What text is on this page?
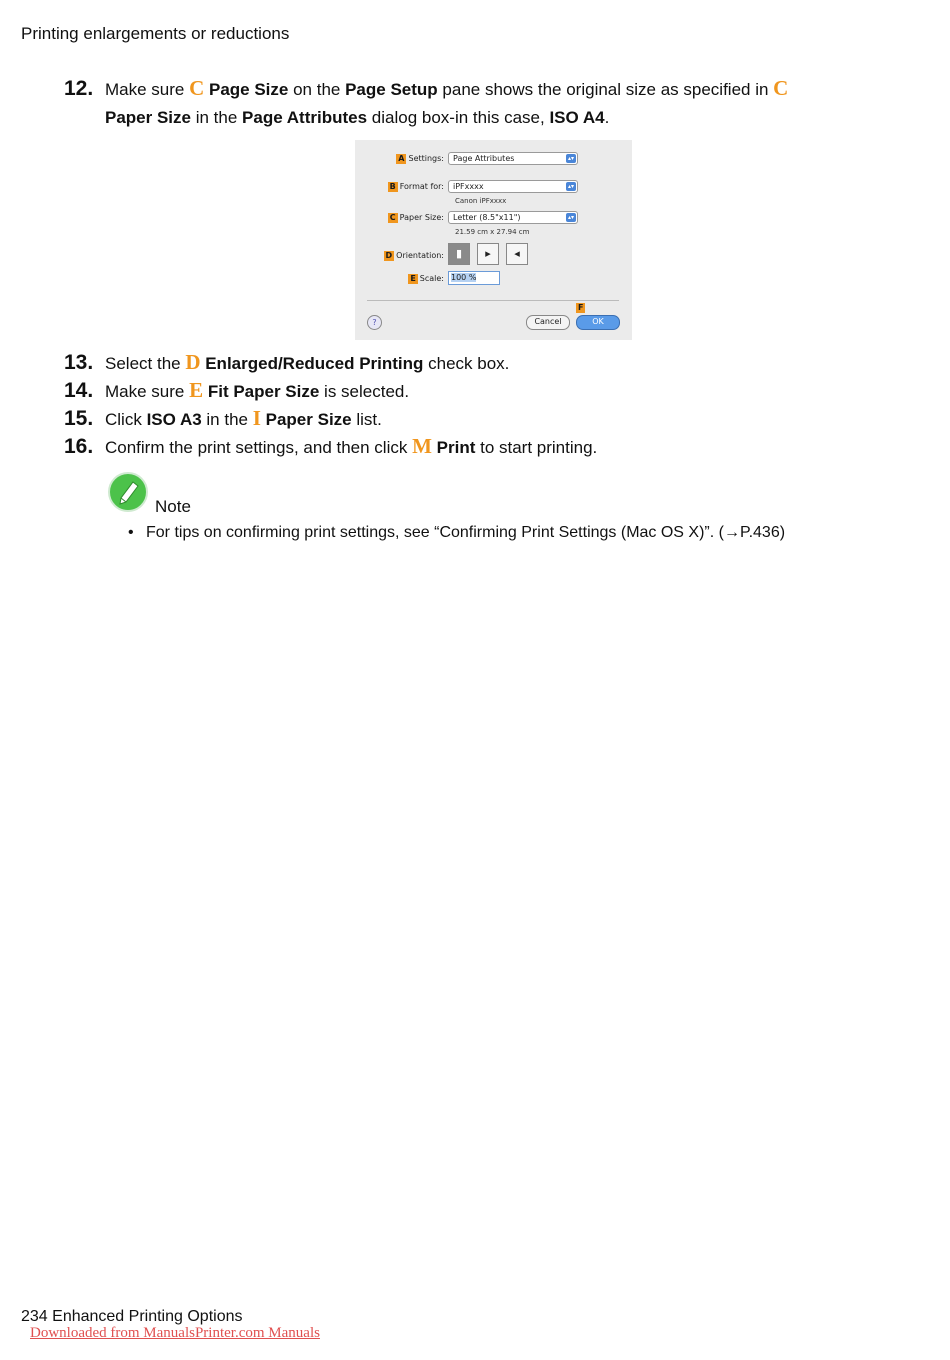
Printing enlargements or reductions
12. Make sure C Page Size on the Page Setup pane shows the original size as specified in C
Paper Size in the Page Attributes dialog box-in this case, ISO A4.
A Settings:	Page Attributes	▴▾
B Format for:	iPFxxxx	▴▾
Canon iPFxxxx
C Paper Size:	Letter (8.5"x11")	▴▾
21.59 cm x 27.94 cm
D Orientation:	▮ ▸ ◂
E Scale: 100 %
F
?	Cancel	OK
13. Select the D Enlarged/Reduced Printing check box.
14. Make sure E Fit Paper Size is selected.
15. Click ISO A3 in the I Paper Size list.
16. Confirm the print settings, and then click M Print to start printing.
Note
• For tips on confirming print settings, see “Confirming Print Settings (Mac OS X)”. (→P.436)
234 Enhanced Printing Options
Downloaded from ManualsPrinter.com Manuals
